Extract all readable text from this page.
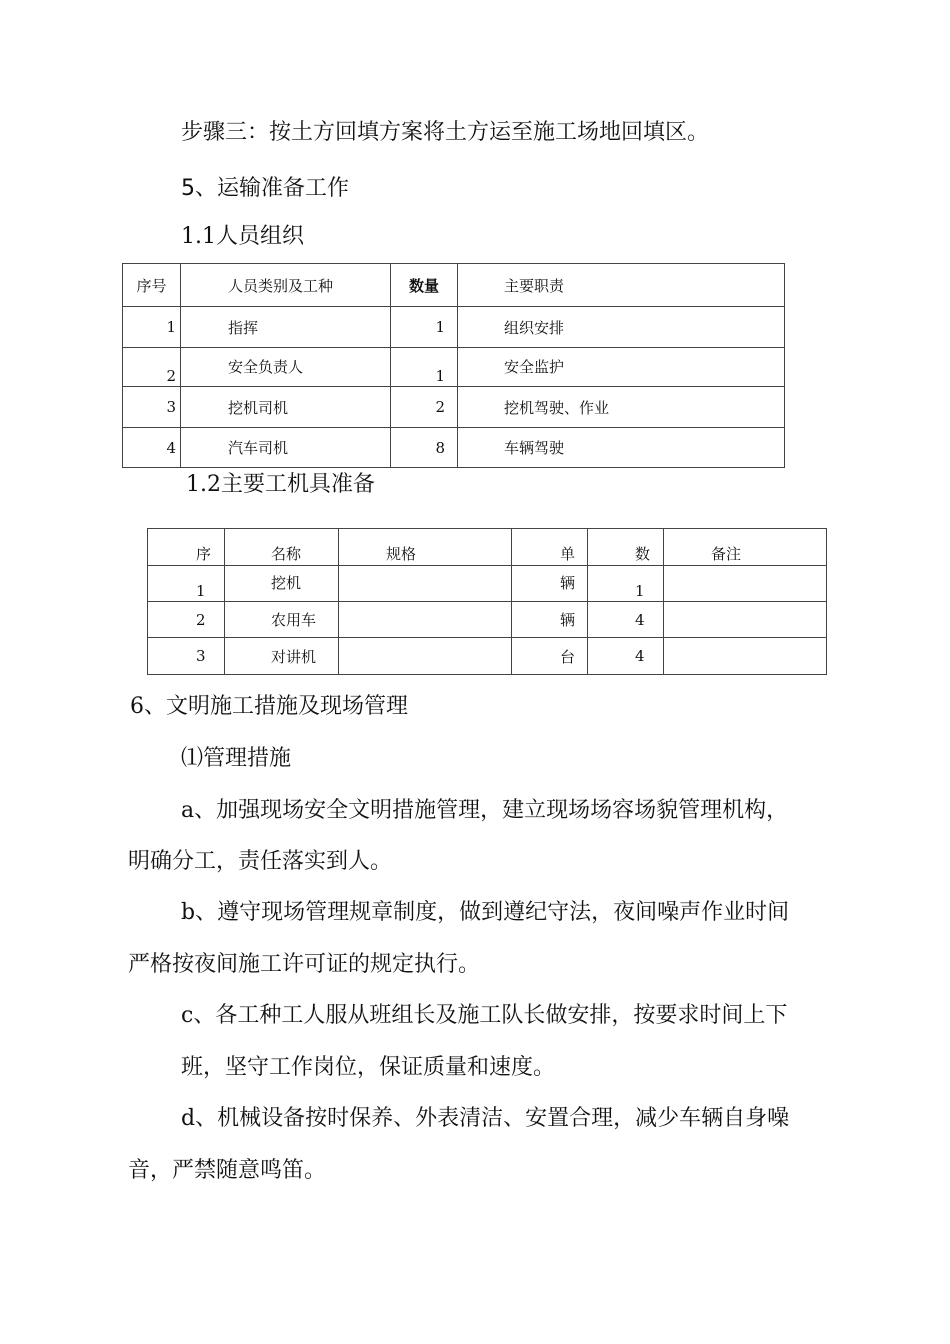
步骤三：按土方回填方案将土方运至施工场地回填区。
5、运输准备工作
1.1人员组织
序号	人员类别及工种	数量	主要职责
1	指挥	1	组织安排
2	安全负责人	1	安全监护
3	挖机司机	2	挖机驾驶、作业
4	汽车司机	8	车辆驾驶
1.2主要工机具准备
序	名称	规格	单	数	备注
1	挖机		辆	1	
2	农用车		辆	4	
3	对讲机		台	4	
6、文明施工措施及现场管理
⑴管理措施
a、加强现场安全文明措施管理，建立现场场容场貌管理机构，
明确分工，责任落实到人。
b、遵守现场管理规章制度，做到遵纪守法，夜间噪声作业时间
严格按夜间施工许可证的规定执行。
c、各工种工人服从班组长及施工队长做安排，按要求时间上下
班，坚守工作岗位，保证质量和速度。
d、机械设备按时保养、外表清洁、安置合理，减少车辆自身噪
音，严禁随意鸣笛。
